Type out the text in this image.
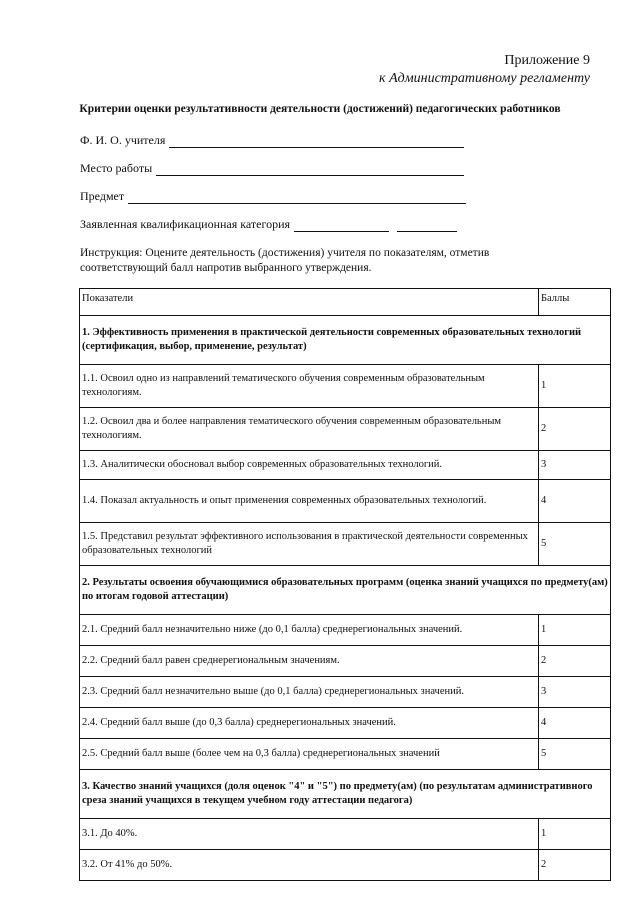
Приложение 9
к Административному регламенту
Критерии оценки результативности деятельности (достижений) педагогических работников
Ф. И. О. учителя
Место работы
Предмет
Заявленная квалификационная категория
Инструкция: Оцените деятельность (достижения) учителя по показателям, отметив соответствующий балл напротив выбранного утверждения.
Показатели	Баллы
1. Эффективность применения в практической деятельности современных образовательных технологий (сертификация, выбор, применение, результат)	
1.1. Освоил одно из направлений тематического обучения современным образовательным технологиям.	1
1.2. Освоил два и более направления тематического обучения современным образовательным технологиям.	2
1.3. Аналитически обосновал выбор современных образовательных технологий.	3
1.4. Показал актуальность и опыт применения современных образовательных технологий.	4
1.5. Представил результат эффективного использования в практической деятельности современных образовательных технологий	5
2. Результаты освоения обучающимися образовательных программ (оценка знаний учащихся по предмету(ам) по итогам годовой аттестации)	
2.1. Средний балл незначительно ниже (до 0,1 балла) среднерегиональных значений.	1
2.2. Средний балл равен среднерегиональным значениям.	2
2.3. Средний балл незначительно выше (до 0,1 балла) среднерегиональных значений.	3
2.4. Средний балл выше (до 0,3 балла) среднерегиональных значений.	4
2.5. Средний балл выше (более чем на 0,3 балла) среднерегиональных значений	5
3. Качество знаний учащихся (доля оценок "4" и "5") по предмету(ам) (по результатам административного среза знаний учащихся в текущем учебном году аттестации педагога)	
3.1. До 40%.	1
3.2. От 41% до 50%.	2
